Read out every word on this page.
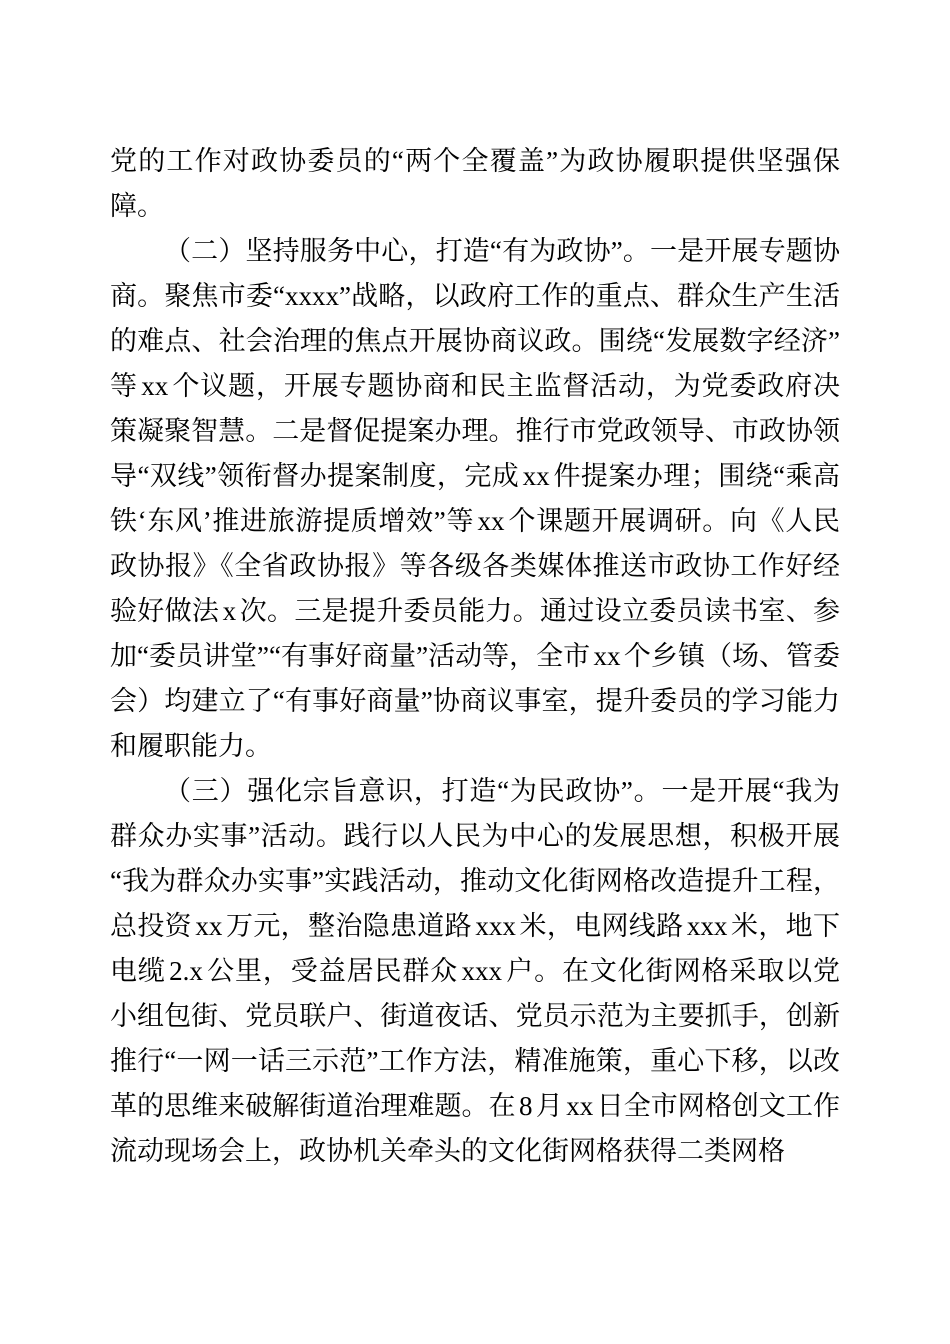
党的工作对政协委员的“两个全覆盖”为政协履职提供坚强保障。

（二）坚持服务中心，打造“有为政协”。一是开展专题协商。聚焦市委“xxxx”战略，以政府工作的重点、群众生产生活的难点、社会治理的焦点开展协商议政。围绕“发展数字经济”等xx个议题，开展专题协商和民主监督活动，为党委政府决策凝聚智慧。二是督促提案办理。推行市党政领导、市政协领导“双线”领衔督办提案制度，完成xx件提案办理；围绕“乘高铁‘东风’推进旅游提质增效”等xx个课题开展调研。向《人民政协报》《全省政协报》等各级各类媒体推送市政协工作好经验好做法x次。三是提升委员能力。通过设立委员读书室、参加“委员讲堂”“有事好商量”活动等，全市xx个乡镇（场、管委会）均建立了“有事好商量”协商议事室，提升委员的学习能力和履职能力。

（三）强化宗旨意识，打造“为民政协”。一是开展“我为群众办实事”活动。践行以人民为中心的发展思想，积极开展“我为群众办实事”实践活动，推动文化街网格改造提升工程，总投资xx万元，整治隐患道路xxx米，电网线路xxx米，地下电缆2.x公里，受益居民群众xxx户。在文化街网格采取以党小组包街、党员联户、街道夜话、党员示范为主要抓手，创新推行“一网一话三示范”工作方法，精准施策，重心下移，以改革的思维来破解街道治理难题。在8月xx日全市网格创文工作流动现场会上，政协机关牵头的文化街网格获得二类网格
